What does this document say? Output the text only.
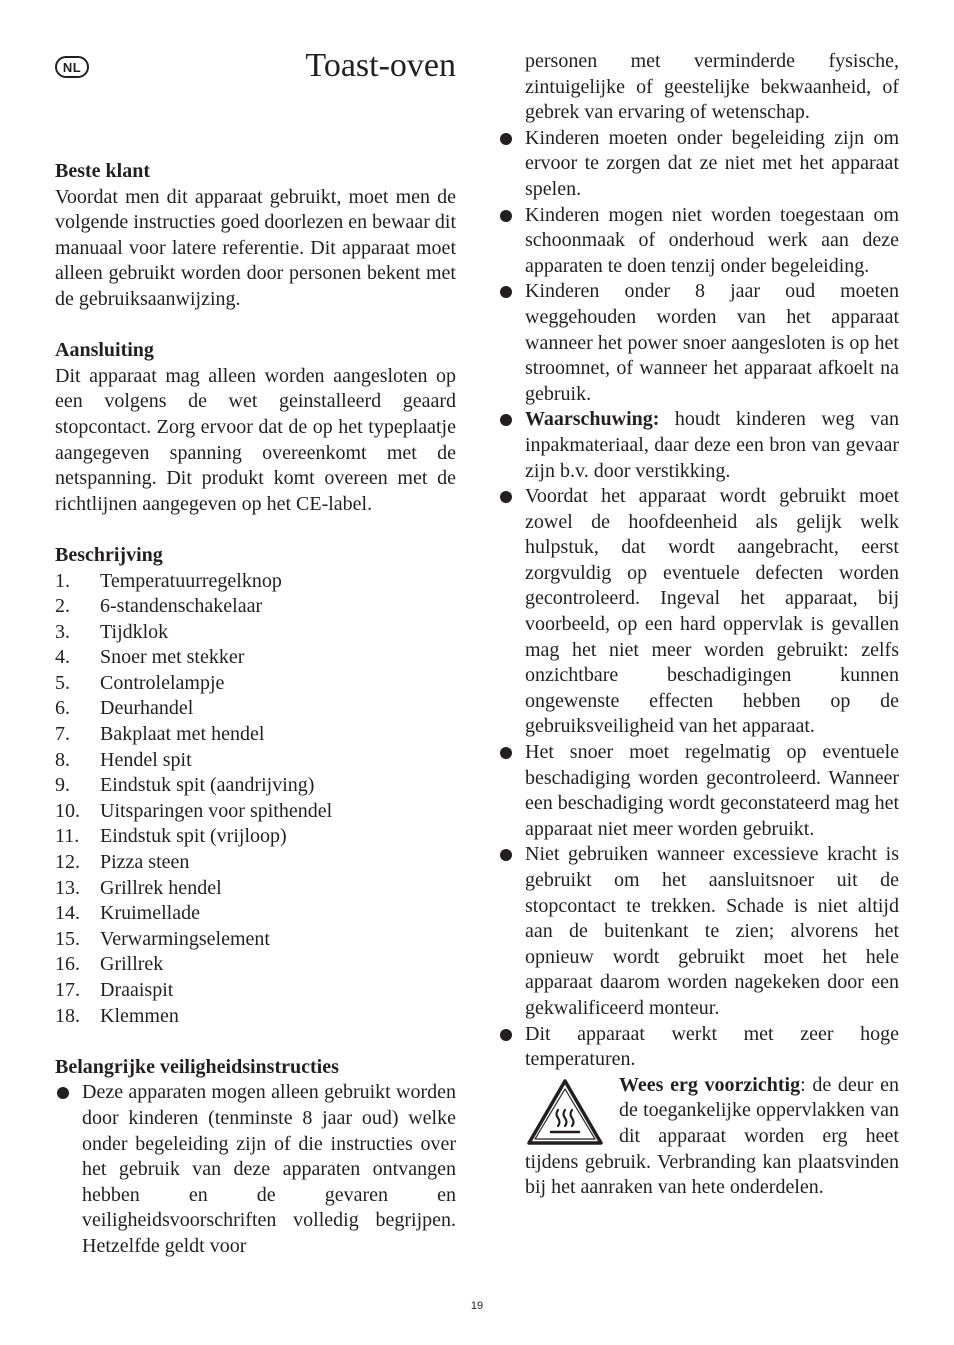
NL	Toast-oven
Beste klant

Voordat men dit apparaat gebruikt, moet men de volgende instructies goed doorlezen en bewaar dit manuaal voor latere referentie. Dit apparaat moet alleen gebruikt worden door personen bekent met de gebruiksaanwijzing.

Aansluiting

Dit apparaat mag alleen worden aangesloten op een volgens de wet geinstalleerd geaard stopcontact. Zorg ervoor dat de op het typeplaatje aangegeven spanning overeenkomt met de netspanning. Dit produkt komt overeen met de richtlijnen aangegeven op het CE-label.

Beschrijving
1.	Temperatuurregelknop
2.	6-standenschakelaar
3.	Tijdklok
4.	Snoer met stekker
5.	Controlelampje
6.	Deurhandel
7.	Bakplaat met hendel
8.	Hendel spit
9.	Eindstuk spit (aandrijving)
10.	Uitsparingen voor spithendel
11.	Eindstuk spit (vrijloop)
12.	Pizza steen
13.	Grillrek hendel
14.	Kruimellade
15.	Verwarmingselement
16.	Grillrek
17.	Draaispit
18.	Klemmen
Belangrijke veiligheidsinstructies
Deze apparaten mogen alleen gebruikt worden door kinderen (tenminste 8 jaar oud) welke onder begeleiding zijn of die instructies over het gebruik van deze apparaten ontvangen hebben en de gevaren en veiligheidsvoorschriften volledig begrijpen. Hetzelfde geldt voor
personen met verminderde fysische, zintuigelijke of geestelijke bekwaanheid, of gebrek van ervaring of wetenschap.
Kinderen moeten onder begeleiding zijn om ervoor te zorgen dat ze niet met het apparaat spelen.
Kinderen mogen niet worden toegestaan om schoonmaak of onderhoud werk aan deze apparaten te doen tenzij onder begeleiding.
Kinderen onder 8 jaar oud moeten weggehouden worden van het apparaat wanneer het power snoer aangesloten is op het stroomnet, of wanneer het apparaat afkoelt na gebruik.
Waarschuwing: houdt kinderen weg van inpakmateriaal, daar deze een bron van gevaar zijn b.v. door verstikking.
Voordat het apparaat wordt gebruikt moet zowel de hoofdeenheid als gelijk welk hulpstuk, dat wordt aangebracht, eerst zorgvuldig op eventuele defecten worden gecontroleerd. Ingeval het apparaat, bij voorbeeld, op een hard oppervlak is gevallen mag het niet meer worden gebruikt: zelfs onzichtbare beschadigingen kunnen ongewenste effecten hebben op de gebruiksveiligheid van het apparaat.
Het snoer moet regelmatig op eventuele beschadiging worden gecontroleerd. Wanneer een beschadiging wordt geconstateerd mag het apparaat niet meer worden gebruikt.
Niet gebruiken wanneer excessieve kracht is gebruikt om het aansluitsnoer uit de stopcontact te trekken. Schade is niet altijd aan de buitenkant te zien; alvorens het opnieuw wordt gebruikt moet het hele apparaat daarom worden nagekeken door een gekwalificeerd monteur.
Dit apparaat werkt met zeer hoge temperaturen.
Wees erg voorzichtig: de deur en de toegankelijke oppervlakken van dit apparaat worden erg heet tijdens gebruik. Verbranding kan plaatsvinden bij het aanraken van hete onderdelen.
19
